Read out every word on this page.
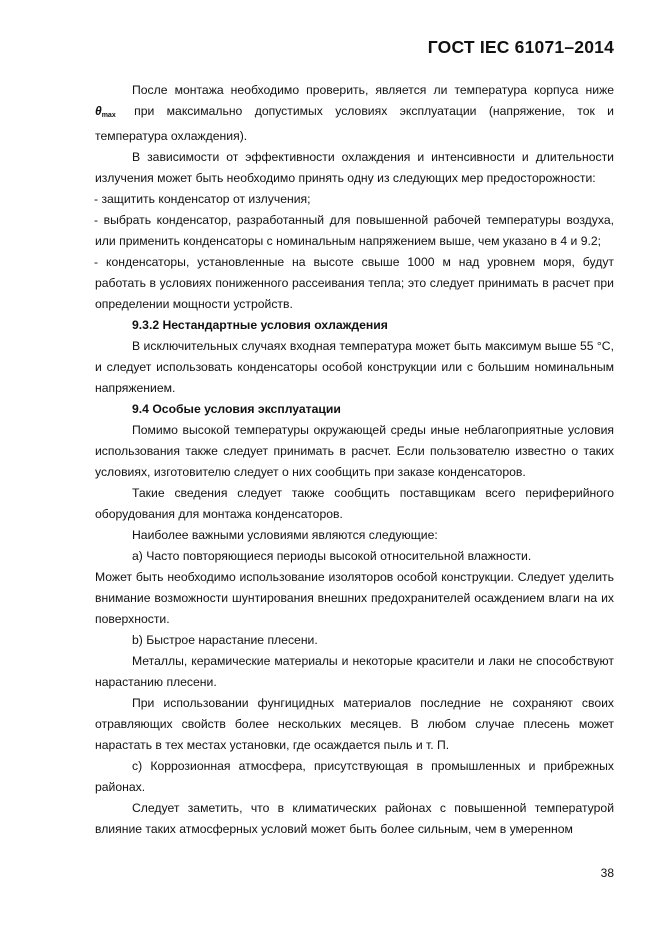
ГОСТ IEC 61071–2014

После монтажа необходимо проверить, является ли температура корпуса ниже $\theta_{max}$ при максимально допустимых условиях эксплуатации (напряжение, ток и температура охлаждения).

В зависимости от эффективности охлаждения и интенсивности и длительности излучения может быть необходимо принять одну из следующих мер предосторожности:

- защитить конденсатор от излучения;

- выбрать конденсатор, разработанный для повышенной рабочей температуры воздуха, или применить конденсаторы с номинальным напряжением выше, чем указано в 4 и 9.2;

- конденсаторы, установленные на высоте свыше 1000 м над уровнем моря, будут работать в условиях пониженного рассеивания тепла; это следует принимать в расчет при определении мощности устройств.

9.3.2 Нестандартные условия охлаждения

В исключительных случаях входная температура может быть максимум выше 55 °С, и следует использовать конденсаторы особой конструкции или с большим номинальным напряжением.

9.4 Особые условия эксплуатации

Помимо высокой температуры окружающей среды иные неблагоприятные условия использования также следует принимать в расчет. Если пользователю известно о таких условиях, изготовителю следует о них сообщить при заказе конденсаторов.

Такие сведения следует также сообщить поставщикам всего периферийного оборудования для монтажа конденсаторов.

Наиболее важными условиями являются следующие:

а) Часто повторяющиеся периоды высокой относительной влажности.

Может быть необходимо использование изоляторов особой конструкции. Следует уделить внимание возможности шунтирования внешних предохранителей осаждением влаги на их поверхности.

b) Быстрое нарастание плесени.

Металлы, керамические материалы и некоторые красители и лаки не способствуют нарастанию плесени.

При использовании фунгицидных материалов последние не сохраняют своих отравляющих свойств более нескольких месяцев. В любом случае плесень может нарастать в тех местах установки, где осаждается пыль и т. П.

с) Коррозионная атмосфера, присутствующая в промышленных и прибрежных районах.

Следует заметить, что в климатических районах с повышенной температурой влияние таких атмосферных условий может быть более сильным, чем в умеренном

38
